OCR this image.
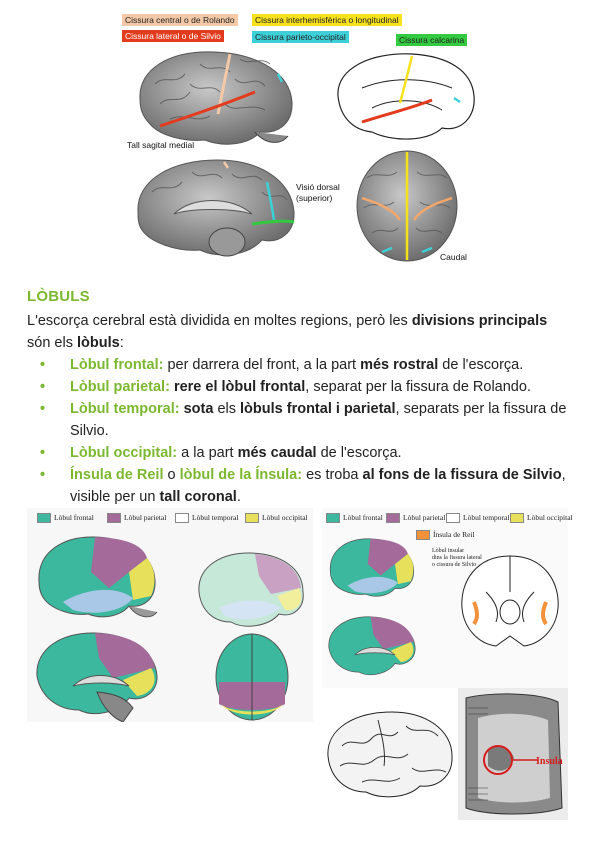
Cissura central o de Rolando	Cissura interhemisfèrica o longitudinal
Cissura lateral o de Silvio	Cissura parieto-occipital	Cissura calcarina
Tall sagital medial
Visió dorsal
(superior)
Caudal
LÒBULS
L'escorça cerebral està dividida en moltes regions, però les divisions principals són els lòbuls:
• Lòbul frontal: per darrera del front, a la part més rostral de l'escorça.
• Lòbul parietal: rere el lòbul frontal, separat per la fissura de Rolando.
• Lòbul temporal: sota els lòbuls frontal i parietal, separats per la fissura de Silvio.
• Lòbul occipital: a la part més caudal de l'escorça.
• Ínsula de Reil o lòbul de la Ínsula: es troba al fons de la fissura de Silvio, visible per un tall coronal.
Lòbul frontal	Lòbul parietal	Lòbul temporal	Lòbul occipital	Lòbul frontal	Lòbul parietal	Lòbul temporal	Lòbul occipital
Ínsula de Reil
Lòbul insular
dins la fissura lateral
o cissura de Silvio
Insula
